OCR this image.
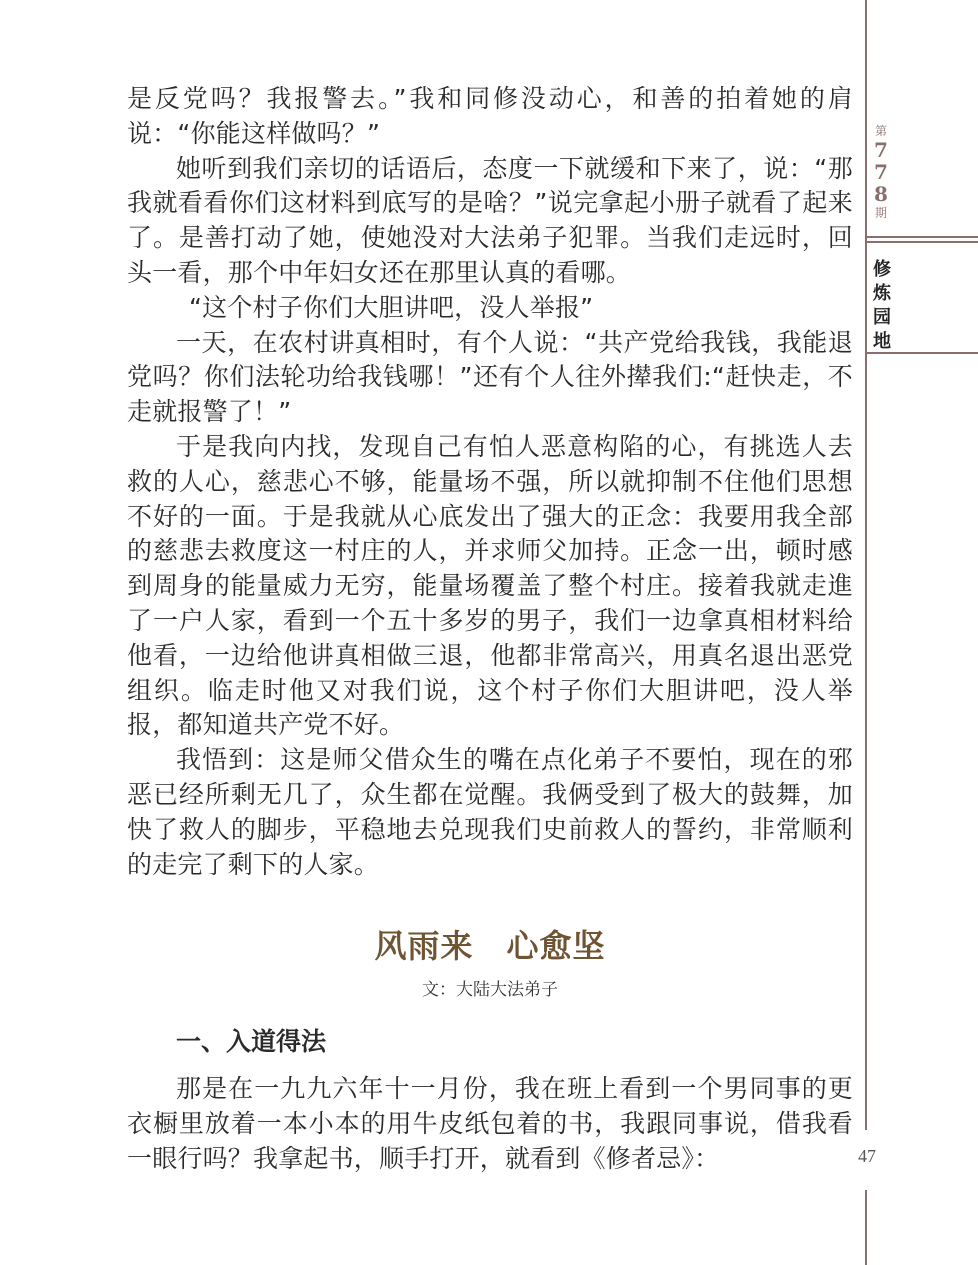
第
7
7
8
期
修
炼
园
地
47

是反党吗？我报警去。”我和同修没动心，和善的拍着她的肩说：“你能这样做吗？”

她听到我们亲切的话语后，态度一下就缓和下来了，说：“那我就看看你们这材料到底写的是啥？”说完拿起小册子就看了起来了。是善打动了她，使她没对大法弟子犯罪。当我们走远时，回头一看，那个中年妇女还在那里认真的看哪。

“这个村子你们大胆讲吧，没人举报”

一天，在农村讲真相时，有个人说：“共产党给我钱，我能退党吗？你们法轮功给我钱哪！”还有个人往外撵我们:“赶快走，不走就报警了！”

于是我向内找，发现自己有怕人恶意构陷的心，有挑选人去救的人心，慈悲心不够，能量场不强，所以就抑制不住他们思想不好的一面。于是我就从心底发出了强大的正念：我要用我全部的慈悲去救度这一村庄的人，并求师父加持。正念一出，顿时感到周身的能量威力无穷，能量场覆盖了整个村庄。接着我就走進了一户人家，看到一个五十多岁的男子，我们一边拿真相材料给他看，一边给他讲真相做三退，他都非常高兴，用真名退出恶党组织。临走时他又对我们说，这个村子你们大胆讲吧，没人举报，都知道共产党不好。

我悟到：这是师父借众生的嘴在点化弟子不要怕，现在的邪恶已经所剩无几了，众生都在觉醒。我俩受到了极大的鼓舞，加快了救人的脚步，平稳地去兑现我们史前救人的誓约，非常顺利的走完了剩下的人家。

风雨来　心愈坚
文：大陆大法弟子
一、入道得法

那是在一九九六年十一月份，我在班上看到一个男同事的更衣橱里放着一本小本的用牛皮纸包着的书，我跟同事说，借我看一眼行吗？我拿起书，顺手打开，就看到《修者忌》：
